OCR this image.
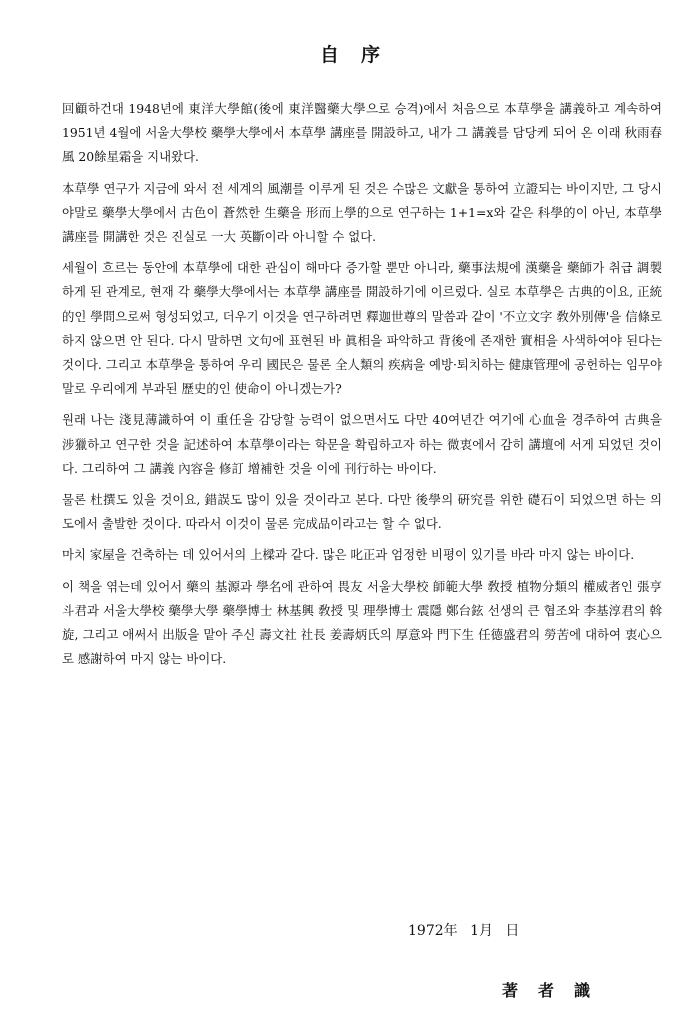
自序

回顧하건대 1948년에 東洋大學館(後에 東洋醫藥大學으로 승격)에서 처음으로 本草學을 講義하고 계속하여 1951년 4월에 서울大學校 藥學大學에서 本草學 講座를 開設하고, 내가 그 講義를 담당케 되어 온 이래 秋雨春風 20餘星霜을 지내왔다.

本草學 연구가 지금에 와서 전 세계의 風潮를 이루게 된 것은 수많은 文獻을 통하여 立證되는 바이지만, 그 당시야말로 藥學大學에서 古色이 蒼然한 生藥을 形而上學的으로 연구하는 1+1=x와 같은 科學的이 아닌, 本草學 講座를 開講한 것은 진실로 一大 英斷이라 아니할 수 없다.

세월이 흐르는 동안에 本草學에 대한 관심이 해마다 증가할 뿐만 아니라, 藥事法規에 漢藥을 藥師가 취급 調製하게 된 관계로, 현재 각 藥學大學에서는 本草學 講座를 開設하기에 이르렀다. 실로 本草學은 古典的이요, 正統的인 學問으로써 형성되었고, 더우기 이것을 연구하려면 釋迦世尊의 말씀과 같이 '不立文字 敎外別傳'을 信條로 하지 않으면 안 된다. 다시 말하면 文句에 표현된 바 眞相을 파악하고 背後에 존재한 實相을 사색하여야 된다는 것이다. 그리고 本草學을 통하여 우리 國民은 물론 全人類의 疾病을 예방·퇴치하는 健康管理에 공헌하는 임무야말로 우리에게 부과된 歷史的인 使命이 아니겠는가?

원래 나는 淺見薄識하여 이 重任을 감당할 능력이 없으면서도 다만 40여년간 여기에 心血을 경주하여 古典을 涉獵하고 연구한 것을 記述하여 本草學이라는 학문을 확립하고자 하는 微衷에서 감히 講壇에 서게 되었던 것이다. 그리하여 그 講義 內容을 修訂 增補한 것을 이에 刊行하는 바이다.

물론 杜撰도 있을 것이요, 錯誤도 많이 있을 것이라고 본다. 다만 後學의 硏究를 위한 礎石이 되었으면 하는 의도에서 출발한 것이다. 따라서 이것이 물론 完成品이라고는 할 수 없다.

마치 家屋을 건축하는 데 있어서의 上樑과 같다. 많은 叱正과 엄정한 비평이 있기를 바라 마지 않는 바이다.

이 책을 엮는데 있어서 藥의 基源과 學名에 관하여 畏友 서울大學校 師範大學 敎授 植物分類의 權威者인 張亨斗君과 서울大學校 藥學大學 藥學博士 林基興 敎授 및 理學博士 震隱 鄭台鉉 선생의 큰 협조와 李基淳君의 斡旋, 그리고 애써서 出版을 맡아 주신 壽文社 社長 姜壽炳氏의 厚意와 門下生 任德盛君의 勞苦에 대하여 衷心으로 感謝하여 마지 않는 바이다.

1972年 1月 日
著者識
